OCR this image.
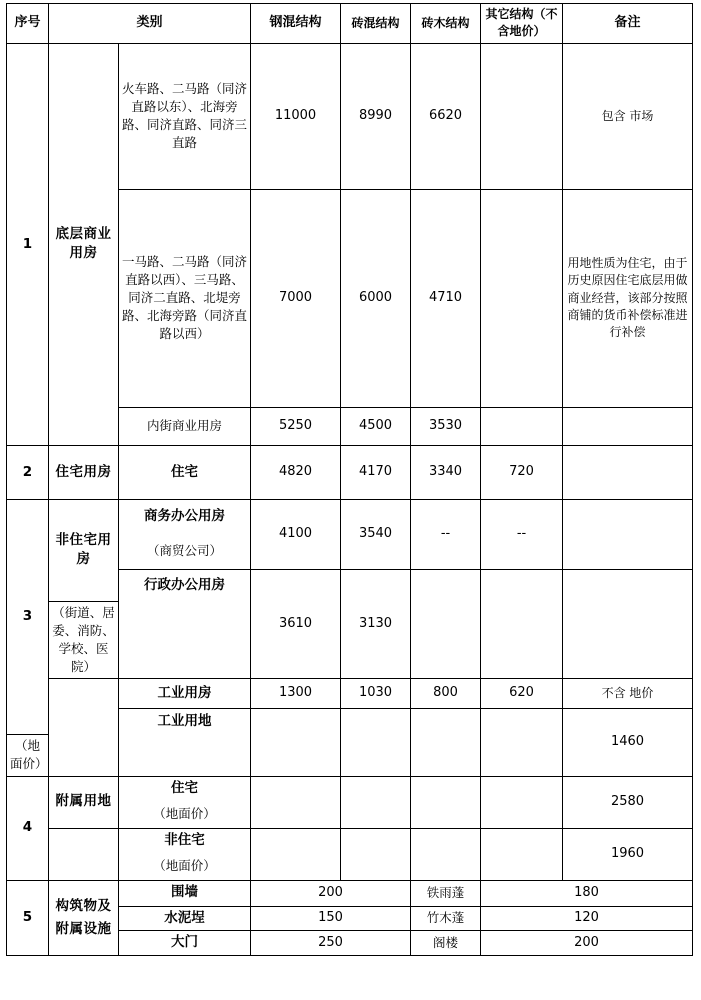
序号	类别		钢混结构	砖混结构	砖木结构	其它结构（不含地价）	备注
1	底层商业用房	火车路、二马路（同济直路以东）、北海旁路、同济直路、同济三直路	11000	8990	6620		包含 市场
		一马路、二马路（同济直路以西）、三马路、同济二直路、北堤旁路、北海旁路（同济直路以西）	7000	6000	4710		用地性质为住宅，由于历史原因住宅底层用做商业经营，该部分按照商铺的货币补偿标准进行补偿
		内街商业用房	5250	4500	3530		
2	住宅用房	住宅	4820	4170	3340	720	
3	非住宅用房	商务办公用房	4100	3540	--	--	
		（商贸公司）					
		行政办公用房	3610	3130			
	（街道、居委、消防、学校、医院）						
		工业用房	1300	1030	800	620	不含 地价
		工业用地					1460
（地面价）							
4	附属用地	住宅					2580
		（地面价）					
		非住宅					1960
		（地面价）					
5	构筑物及附属设施	围墙	200		铁雨蓬	180	
		水泥埕	150		竹木蓬	120	
		大门	250		阁楼	200	
